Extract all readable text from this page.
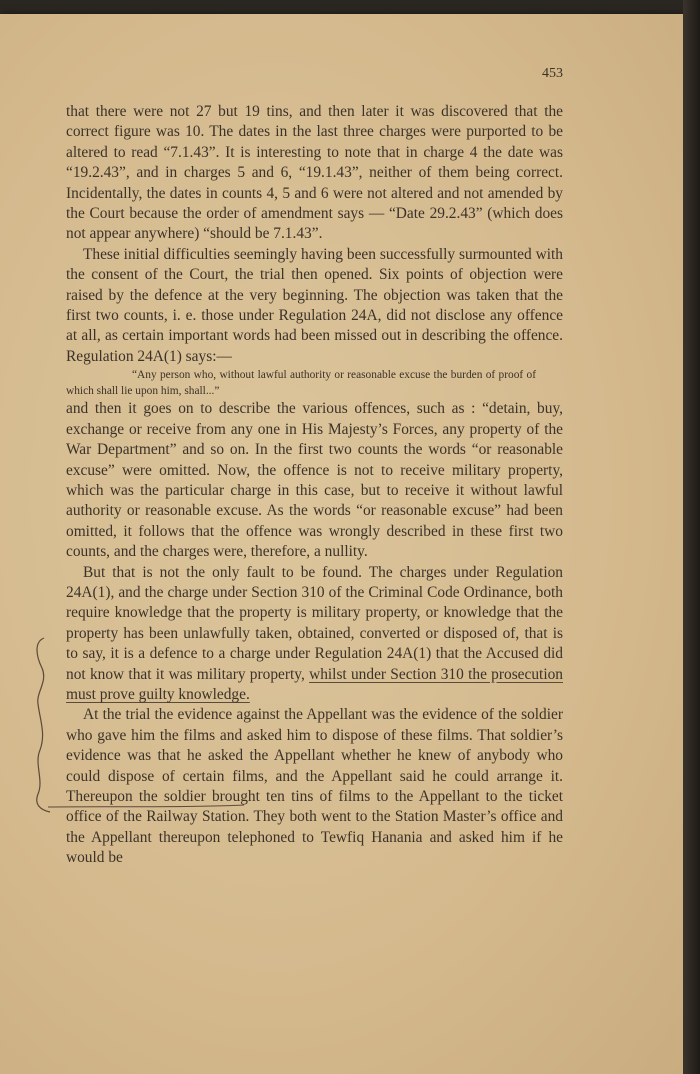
453

that there were not 27 but 19 tins, and then later it was discovered that the correct figure was 10. The dates in the last three charges were purported to be altered to read “7.1.43”. It is interesting to note that in charge 4 the date was “19.2.43”, and in charges 5 and 6, “19.1.43”, neither of them being correct. Incidentally, the dates in counts 4, 5 and 6 were not altered and not amended by the Court because the order of amendment says — “Date 29.2.43” (which does not appear anywhere) “should be 7.1.43”.

These initial difficulties seemingly having been successfully surmounted with the consent of the Court, the trial then opened. Six points of objection were raised by the defence at the very beginning. The objection was taken that the first two counts, i. e. those under Regulation 24A, did not disclose any offence at all, as certain important words had been missed out in describing the offence. Regulation 24A(1) says:—

“Any person who, without lawful authority or reasonable excuse the burden of proof of which shall lie upon him, shall...”

and then it goes on to describe the various offences, such as : “detain, buy, exchange or receive from any one in His Majesty’s Forces, any property of the War Department” and so on. In the first two counts the words “or reasonable excuse” were omitted. Now, the offence is not to receive military property, which was the particular charge in this case, but to receive it without lawful authority or reasonable excuse. As the words “or reasonable excuse” had been omitted, it follows that the offence was wrongly described in these first two counts, and the charges were, therefore, a nullity.

But that is not the only fault to be found. The charges under Regulation 24A(1), and the charge under Section 310 of the Criminal Code Ordinance, both require knowledge that the property is military property, or knowledge that the property has been unlawfully taken, obtained, converted or disposed of, that is to say, it is a defence to a charge under Regulation 24A(1) that the Accused did not know that it was military property, whilst under Section 310 the prosecution must prove guilty knowledge.

At the trial the evidence against the Appellant was the evidence of the soldier who gave him the films and asked him to dispose of these films. That soldier’s evidence was that he asked the Appellant whether he knew of anybody who could dispose of certain films, and the Appellant said he could arrange it. Thereupon the soldier brought ten tins of films to the Appellant to the ticket office of the Railway Station. They both went to the Station Master’s office and the Appellant thereupon telephoned to Tewfiq Hanania and asked him if he would be
